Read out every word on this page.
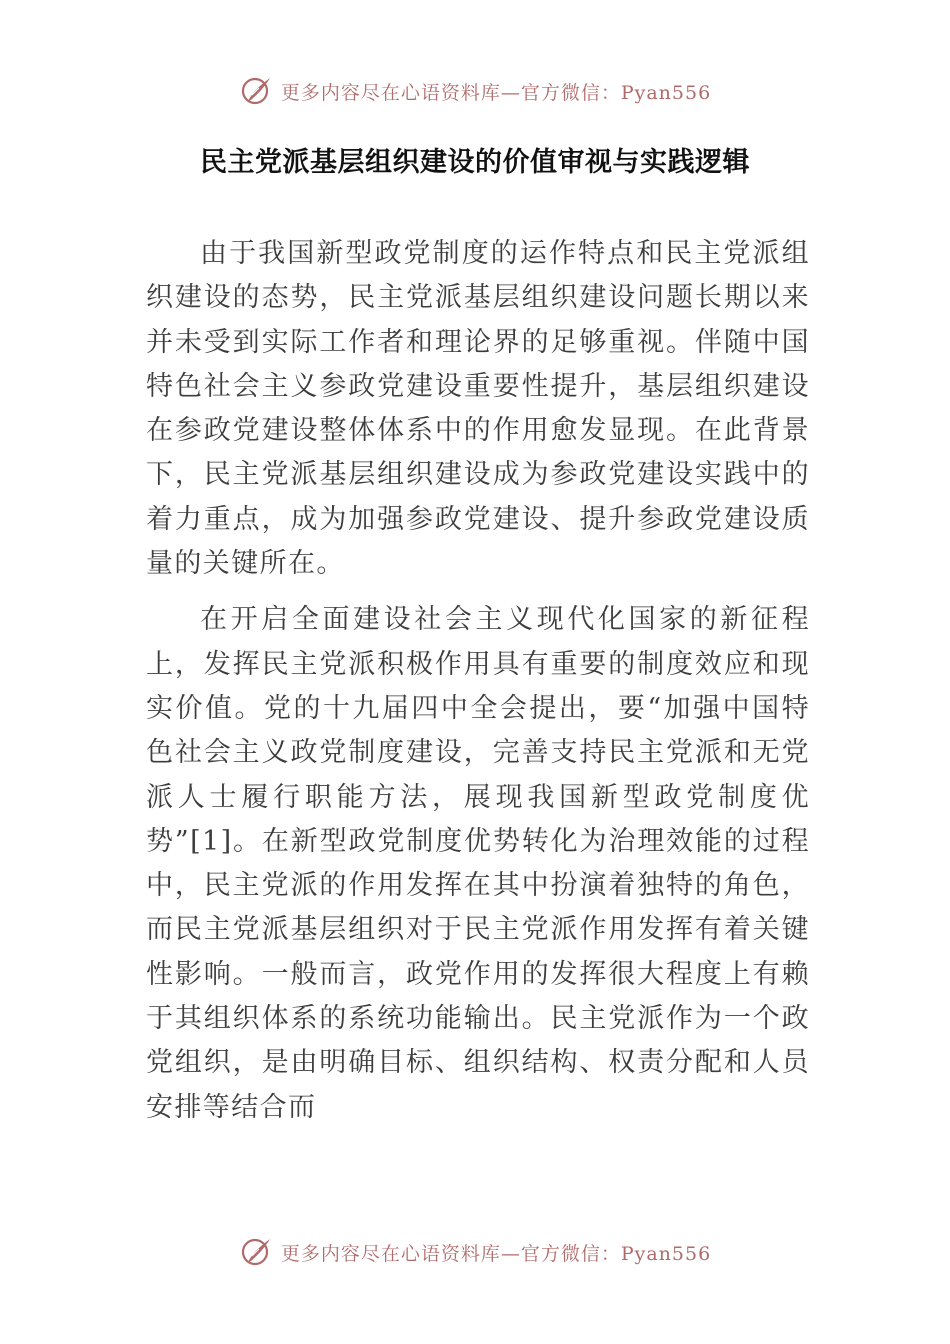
更多内容尽在心语资料库—官方微信：Pyan556
民主党派基层组织建设的价值审视与实践逻辑

由于我国新型政党制度的运作特点和民主党派组织建设的态势，民主党派基层组织建设问题长期以来并未受到实际工作者和理论界的足够重视。伴随中国特色社会主义参政党建设重要性提升，基层组织建设在参政党建设整体体系中的作用愈发显现。在此背景下，民主党派基层组织建设成为参政党建设实践中的着力重点，成为加强参政党建设、提升参政党建设质量的关键所在。

在开启全面建设社会主义现代化国家的新征程上，发挥民主党派积极作用具有重要的制度效应和现实价值。党的十九届四中全会提出，要“加强中国特色社会主义政党制度建设，完善支持民主党派和无党派人士履行职能方法，展现我国新型政党制度优势”[1]。在新型政党制度优势转化为治理效能的过程中，民主党派的作用发挥在其中扮演着独特的角色，而民主党派基层组织对于民主党派作用发挥有着关键性影响。一般而言，政党作用的发挥很大程度上有赖于其组织体系的系统功能输出。民主党派作为一个政党组织，是由明确目标、组织结构、权责分配和人员安排等结合而

更多内容尽在心语资料库—官方微信：Pyan556
